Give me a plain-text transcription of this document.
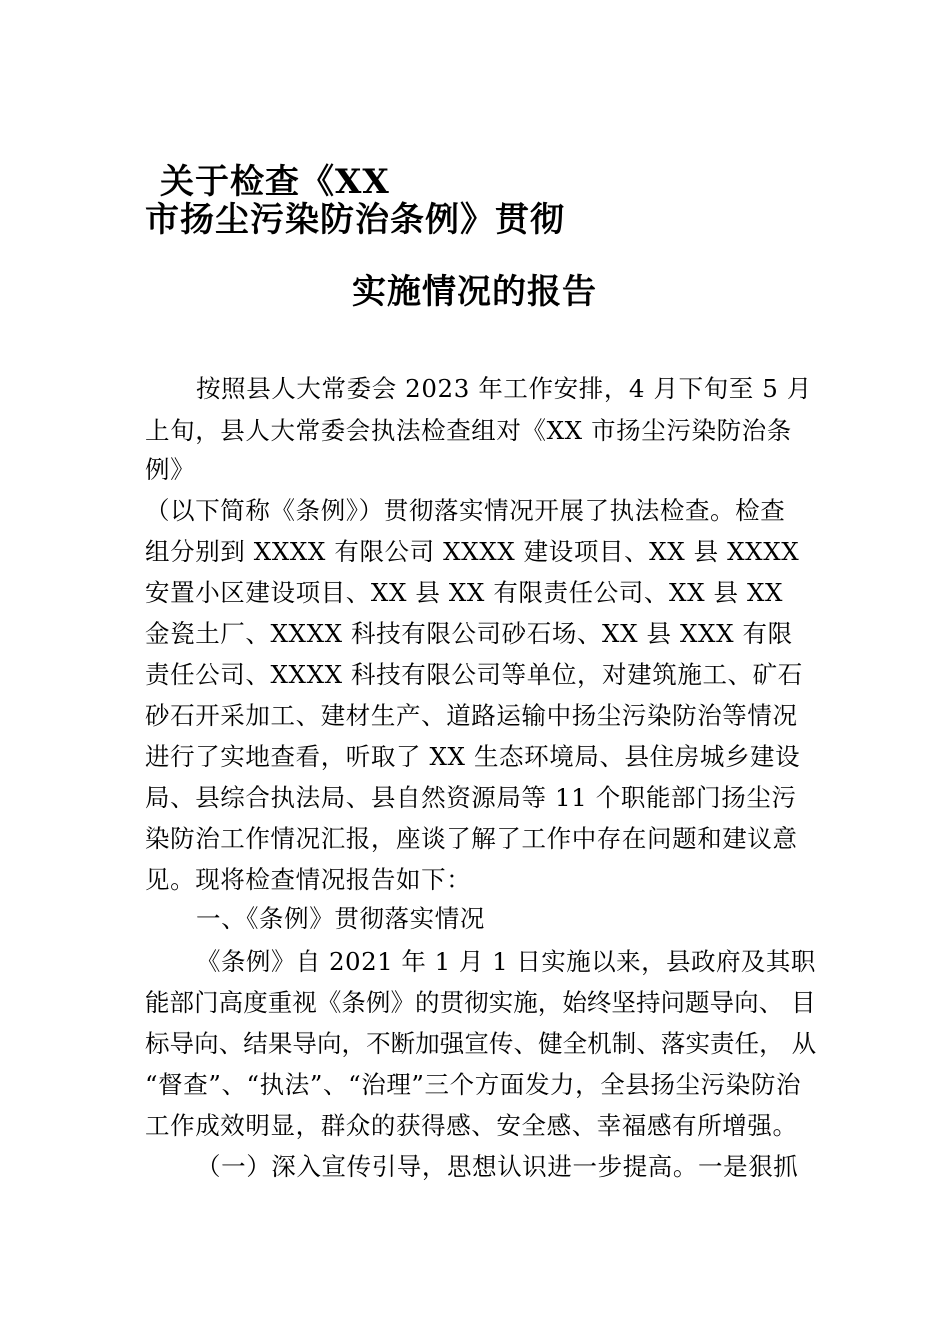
关于检查《XX
市扬尘污染防治条例》贯彻
实施情况的报告
按照县人大常委会 2023 年工作安排，4 月下旬至 5 月
上旬，县人大常委会执法检查组对《XX 市扬尘污染防治条
例》
（以下简称《条例》）贯彻落实情况开展了执法检查。检查
组分别到 XXXX 有限公司 XXXX 建设项目、XX 县 XXXX
安置小区建设项目、XX 县 XX 有限责任公司、XX 县 XX
金瓷土厂、XXXX 科技有限公司砂石场、XX 县 XXX 有限
责任公司、XXXX 科技有限公司等单位，对建筑施工、矿石
砂石开采加工、建材生产、道路运输中扬尘污染防治等情况
进行了实地查看，听取了 XX 生态环境局、县住房城乡建设
局、县综合执法局、县自然资源局等 11 个职能部门扬尘污
染防治工作情况汇报，座谈了解了工作中存在问题和建议意
见。现将检查情况报告如下：
一、《条例》贯彻落实情况
《条例》自 2021 年 1 月 1 日实施以来，县政府及其职
能部门高度重视《条例》的贯彻实施，始终坚持问题导向、 目
标导向、结果导向，不断加强宣传、健全机制、落实责任， 从
“督查”、“执法”、“治理”三个方面发力，全县扬尘污染防治
工作成效明显，群众的获得感、安全感、幸福感有所增强。
（一）深入宣传引导，思想认识进一步提高。一是狠抓
